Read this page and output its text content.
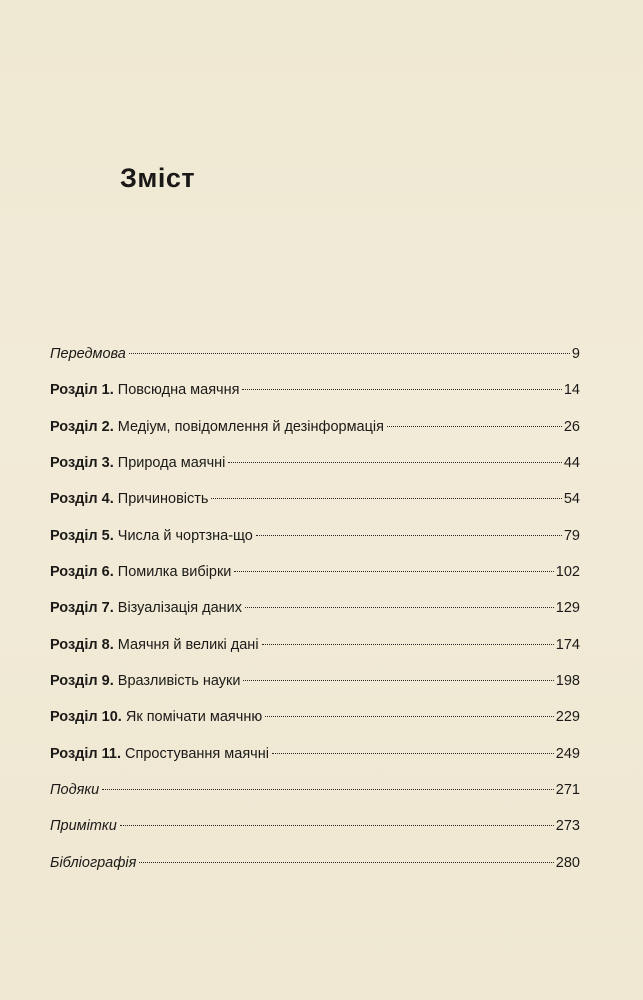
Зміст
Передмова	9
Розділ 1. Повсюдна маячня	14
Розділ 2. Медіум, повідомлення й дезінформація	26
Розділ 3. Природа маячні	44
Розділ 4. Причиновість	54
Розділ 5. Числа й чортзна-що	79
Розділ 6. Помилка вибірки	102
Розділ 7. Візуалізація даних	129
Розділ 8. Маячня й великі дані	174
Розділ 9. Вразливість науки	198
Розділ 10. Як помічати маячню	229
Розділ 11. Спростування маячні	249
Подяки	271
Примітки	273
Бібліографія	280
